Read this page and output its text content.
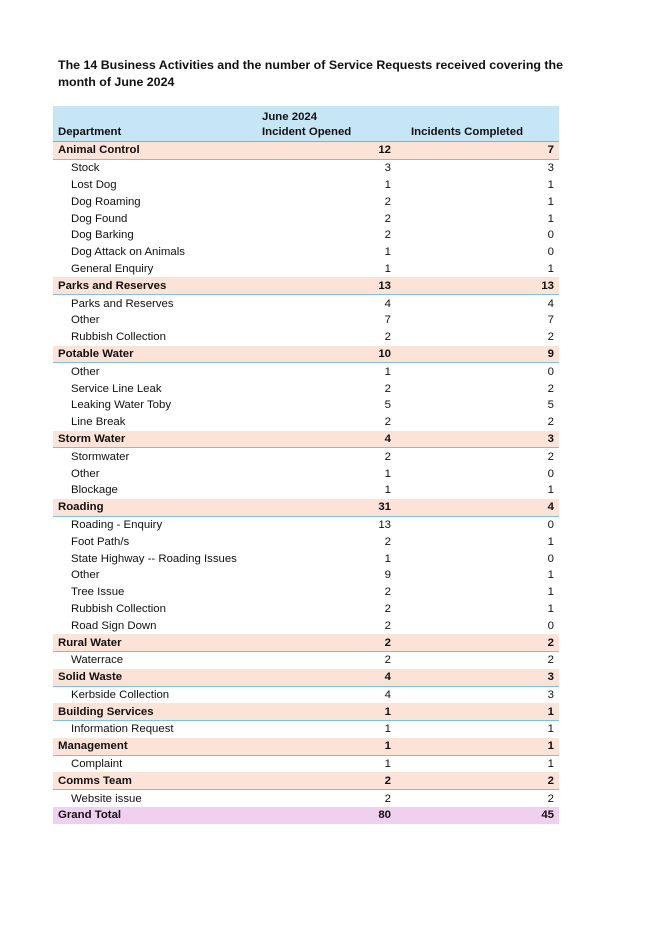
The 14 Business Activities and the number of Service Requests received covering the month of June 2024
	June 2024	
Department	Incident Opened	Incidents Completed
Animal Control	12	7
Stock	3	3
Lost Dog	1	1
Dog Roaming	2	1
Dog Found	2	1
Dog Barking	2	0
Dog Attack on Animals	1	0
General Enquiry	1	1
Parks and Reserves	13	13
Parks and Reserves	4	4
Other	7	7
Rubbish Collection	2	2
Potable Water	10	9
Other	1	0
Service Line Leak	2	2
Leaking Water Toby	5	5
Line Break	2	2
Storm Water	4	3
Stormwater	2	2
Other	1	0
Blockage	1	1
Roading	31	4
Roading - Enquiry	13	0
Foot Path/s	2	1
State Highway -- Roading Issues	1	0
Other	9	1
Tree Issue	2	1
Rubbish Collection	2	1
Road Sign Down	2	0
Rural Water	2	2
Waterrace	2	2
Solid Waste	4	3
Kerbside Collection	4	3
Building Services	1	1
Information Request	1	1
Management	1	1
Complaint	1	1
Comms Team	2	2
Website issue	2	2
Grand Total	80	45
